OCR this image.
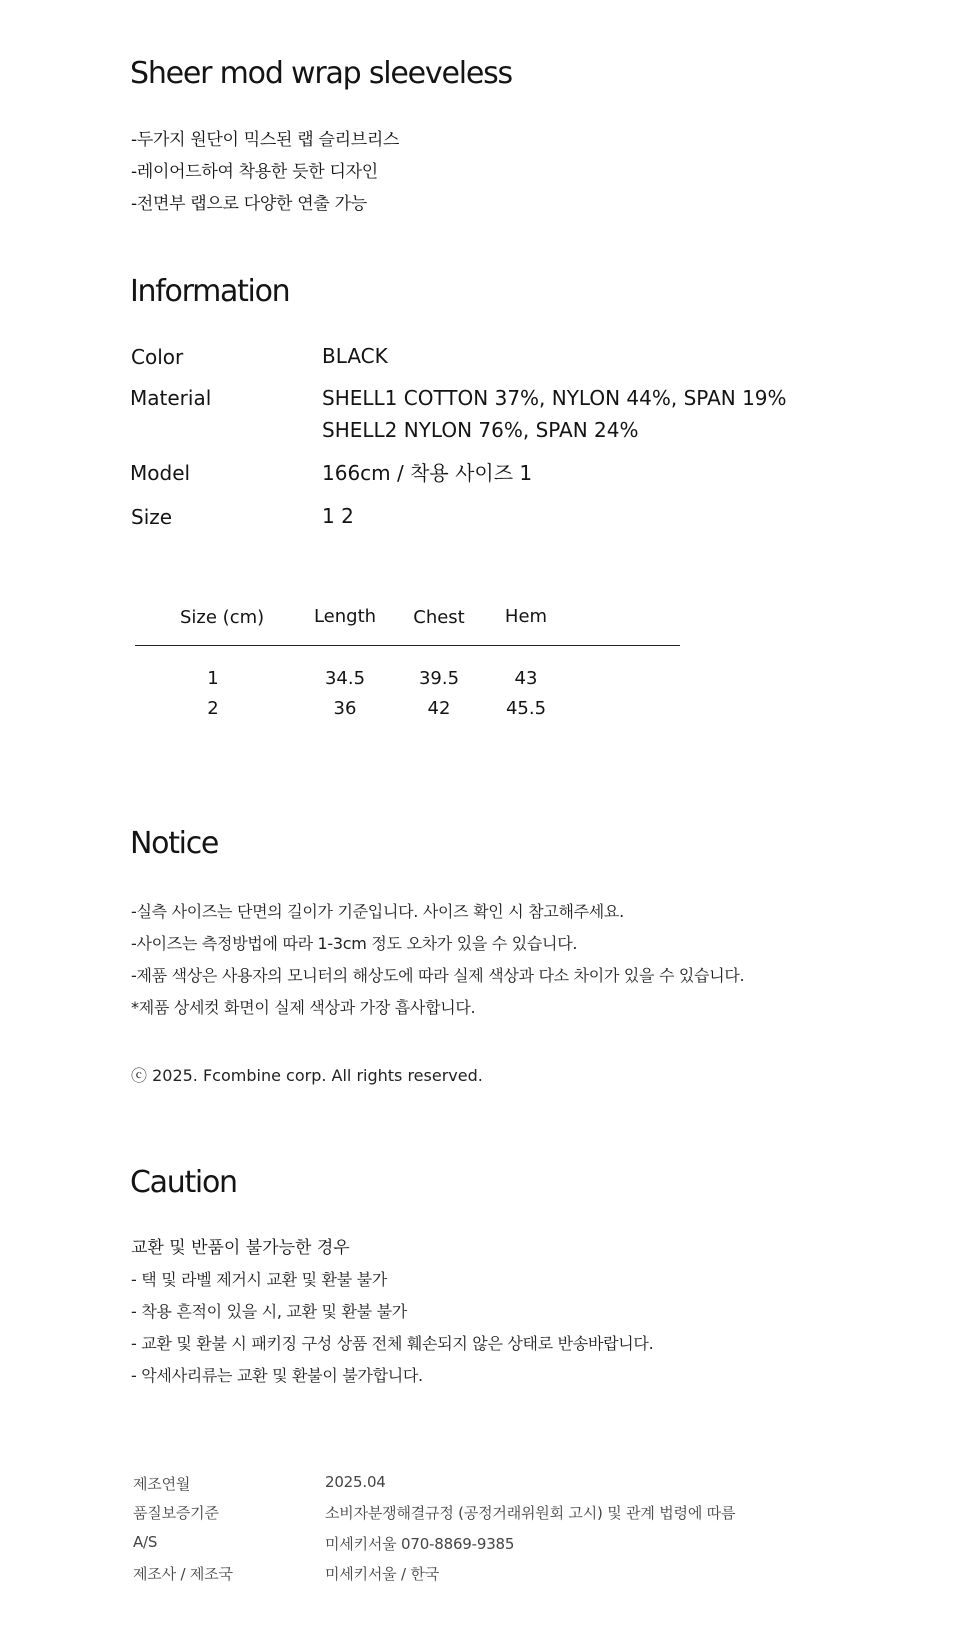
Sheer mod wrap sleeveless
-두가지 원단이 믹스된 랩 슬리브리스
-레이어드하여 착용한 듯한 디자인
-전면부 랩으로 다양한 연출 가능
Information
Color	BLACK
Material	SHELL1 COTTON 37%, NYLON 44%, SPAN 19%
SHELL2 NYLON 76%, SPAN 24%
Model	166cm / 착용 사이즈 1
Size	1 2
Size (cm)	Length	Chest	Hem
1	34.5	39.5	43
2	36	42	45.5
Notice
-실측 사이즈는 단면의 길이가 기준입니다. 사이즈 확인 시 참고해주세요.
-사이즈는 측정방법에 따라 1-3cm 정도 오차가 있을 수 있습니다.
-제품 색상은 사용자의 모니터의 해상도에 따라 실제 색상과 다소 차이가 있을 수 있습니다.
*제품 상세컷 화면이 실제 색상과 가장 흡사합니다.
ⓒ 2025. Fcombine corp. All rights reserved.
Caution
교환 및 반품이 불가능한 경우
- 택 및 라벨 제거시 교환 및 환불 불가
- 착용 흔적이 있을 시, 교환 및 환불 불가
- 교환 및 환불 시 패키징 구성 상품 전체 훼손되지 않은 상태로 반송바랍니다.
- 악세사리류는 교환 및 환불이 불가합니다.
제조연월	2025.04
품질보증기준	소비자분쟁해결규정 (공정거래위원회 고시) 및 관계 법령에 따름
A/S	미세키서울 070-8869-9385
제조사 / 제조국	미세키서울 / 한국
